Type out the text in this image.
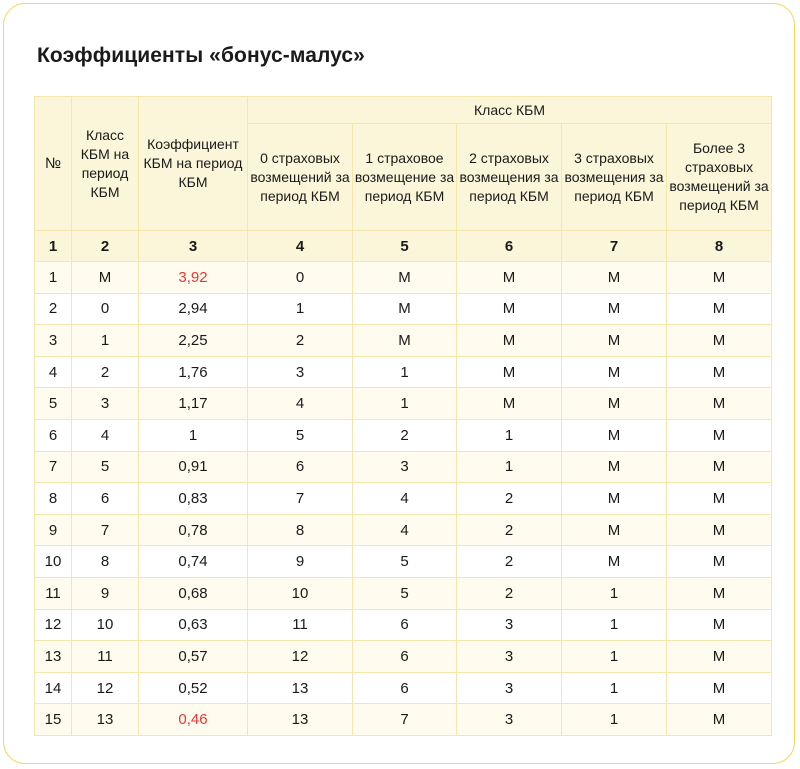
Коэффициенты «бонус-малус»
№	Класс КБМ на период КБМ	Коэффициент КБМ на период КБМ	Класс КБМ				
			0 страховых возмещений за период КБМ	1 страховое возмещение за период КБМ	2 страховых возмещения за период КБМ	3 страховых возмещения за период КБМ	Более 3 страховых возмещений за период КБМ
1	2	3	4	5	6	7	8
1	М	3,92	0	М	М	М	М
2	0	2,94	1	М	М	М	М
3	1	2,25	2	М	М	М	М
4	2	1,76	3	1	М	М	М
5	3	1,17	4	1	М	М	М
6	4	1	5	2	1	М	М
7	5	0,91	6	3	1	М	М
8	6	0,83	7	4	2	М	М
9	7	0,78	8	4	2	М	М
10	8	0,74	9	5	2	М	М
11	9	0,68	10	5	2	1	М
12	10	0,63	11	6	3	1	М
13	11	0,57	12	6	3	1	М
14	12	0,52	13	6	3	1	М
15	13	0,46	13	7	3	1	М
